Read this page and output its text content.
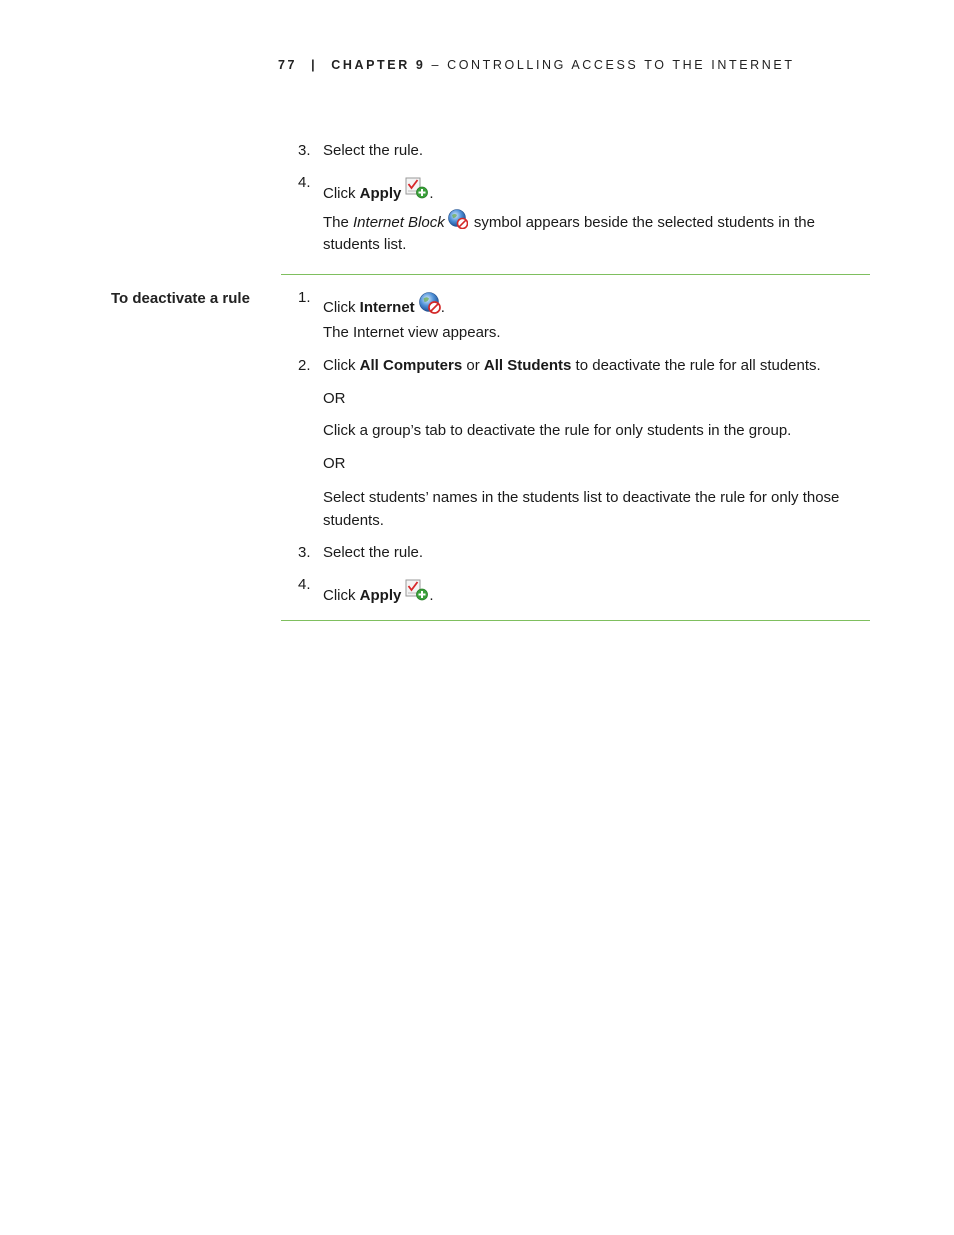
77 | CHAPTER 9 – CONTROLLING ACCESS TO THE INTERNET
3. Select the rule.
4.
Click Apply .
The Internet Block
symbol appears beside the selected students in the students list.
To deactivate a rule	1.
Click Internet .
The Internet view appears.
2. Click All Computers or All Students to deactivate the rule for all students.
OR
Click a group’s tab to deactivate the rule for only students in the group.
OR
Select students’ names in the students list to deactivate the rule for only those students.
3. Select the rule.
4.
Click Apply .
